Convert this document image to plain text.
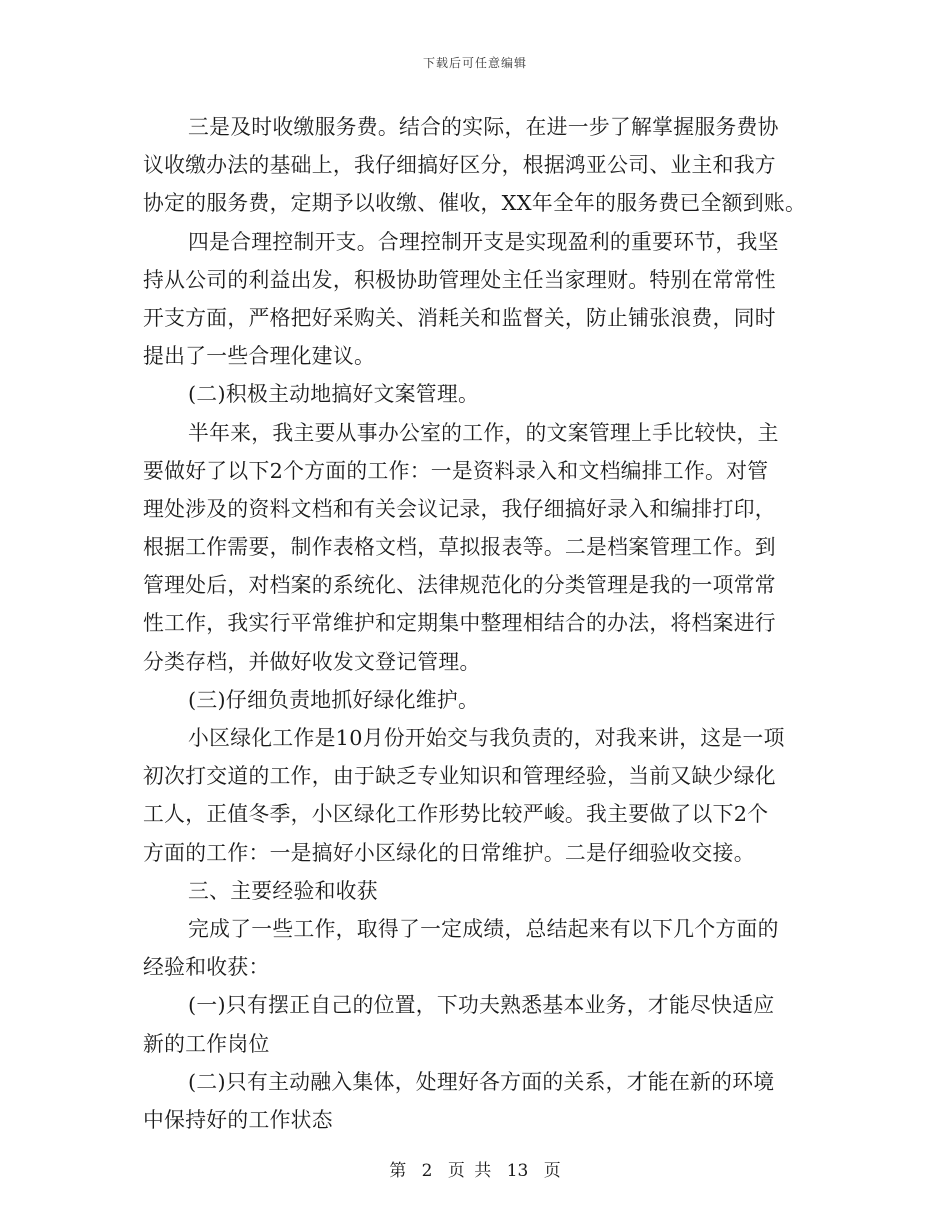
下载后可任意编辑
三是及时收缴服务费。结合的实际，在进一步了解掌握服务费协
议收缴办法的基础上，我仔细搞好区分，根据鸿亚公司、业主和我方
协定的服务费，定期予以收缴、催收，XX年全年的服务费已全额到账。
四是合理控制开支。合理控制开支是实现盈利的重要环节，我坚
持从公司的利益出发，积极协助管理处主任当家理财。特别在常常性
开支方面，严格把好采购关、消耗关和监督关，防止铺张浪费，同时
提出了一些合理化建议。
(二)积极主动地搞好文案管理。
半年来，我主要从事办公室的工作，的文案管理上手比较快，主
要做好了以下2个方面的工作：一是资料录入和文档编排工作。对管
理处涉及的资料文档和有关会议记录，我仔细搞好录入和编排打印，
根据工作需要，制作表格文档，草拟报表等。二是档案管理工作。到
管理处后，对档案的系统化、法律规范化的分类管理是我的一项常常
性工作，我实行平常维护和定期集中整理相结合的办法，将档案进行
分类存档，并做好收发文登记管理。
(三)仔细负责地抓好绿化维护。
小区绿化工作是10月份开始交与我负责的，对我来讲，这是一项
初次打交道的工作，由于缺乏专业知识和管理经验，当前又缺少绿化
工人，正值冬季，小区绿化工作形势比较严峻。我主要做了以下2个
方面的工作：一是搞好小区绿化的日常维护。二是仔细验收交接。
三、主要经验和收获
完成了一些工作，取得了一定成绩，总结起来有以下几个方面的
经验和收获：
(一)只有摆正自己的位置，下功夫熟悉基本业务，才能尽快适应
新的工作岗位
(二)只有主动融入集体，处理好各方面的关系，才能在新的环境
中保持好的工作状态
第 2 页 共 13 页
